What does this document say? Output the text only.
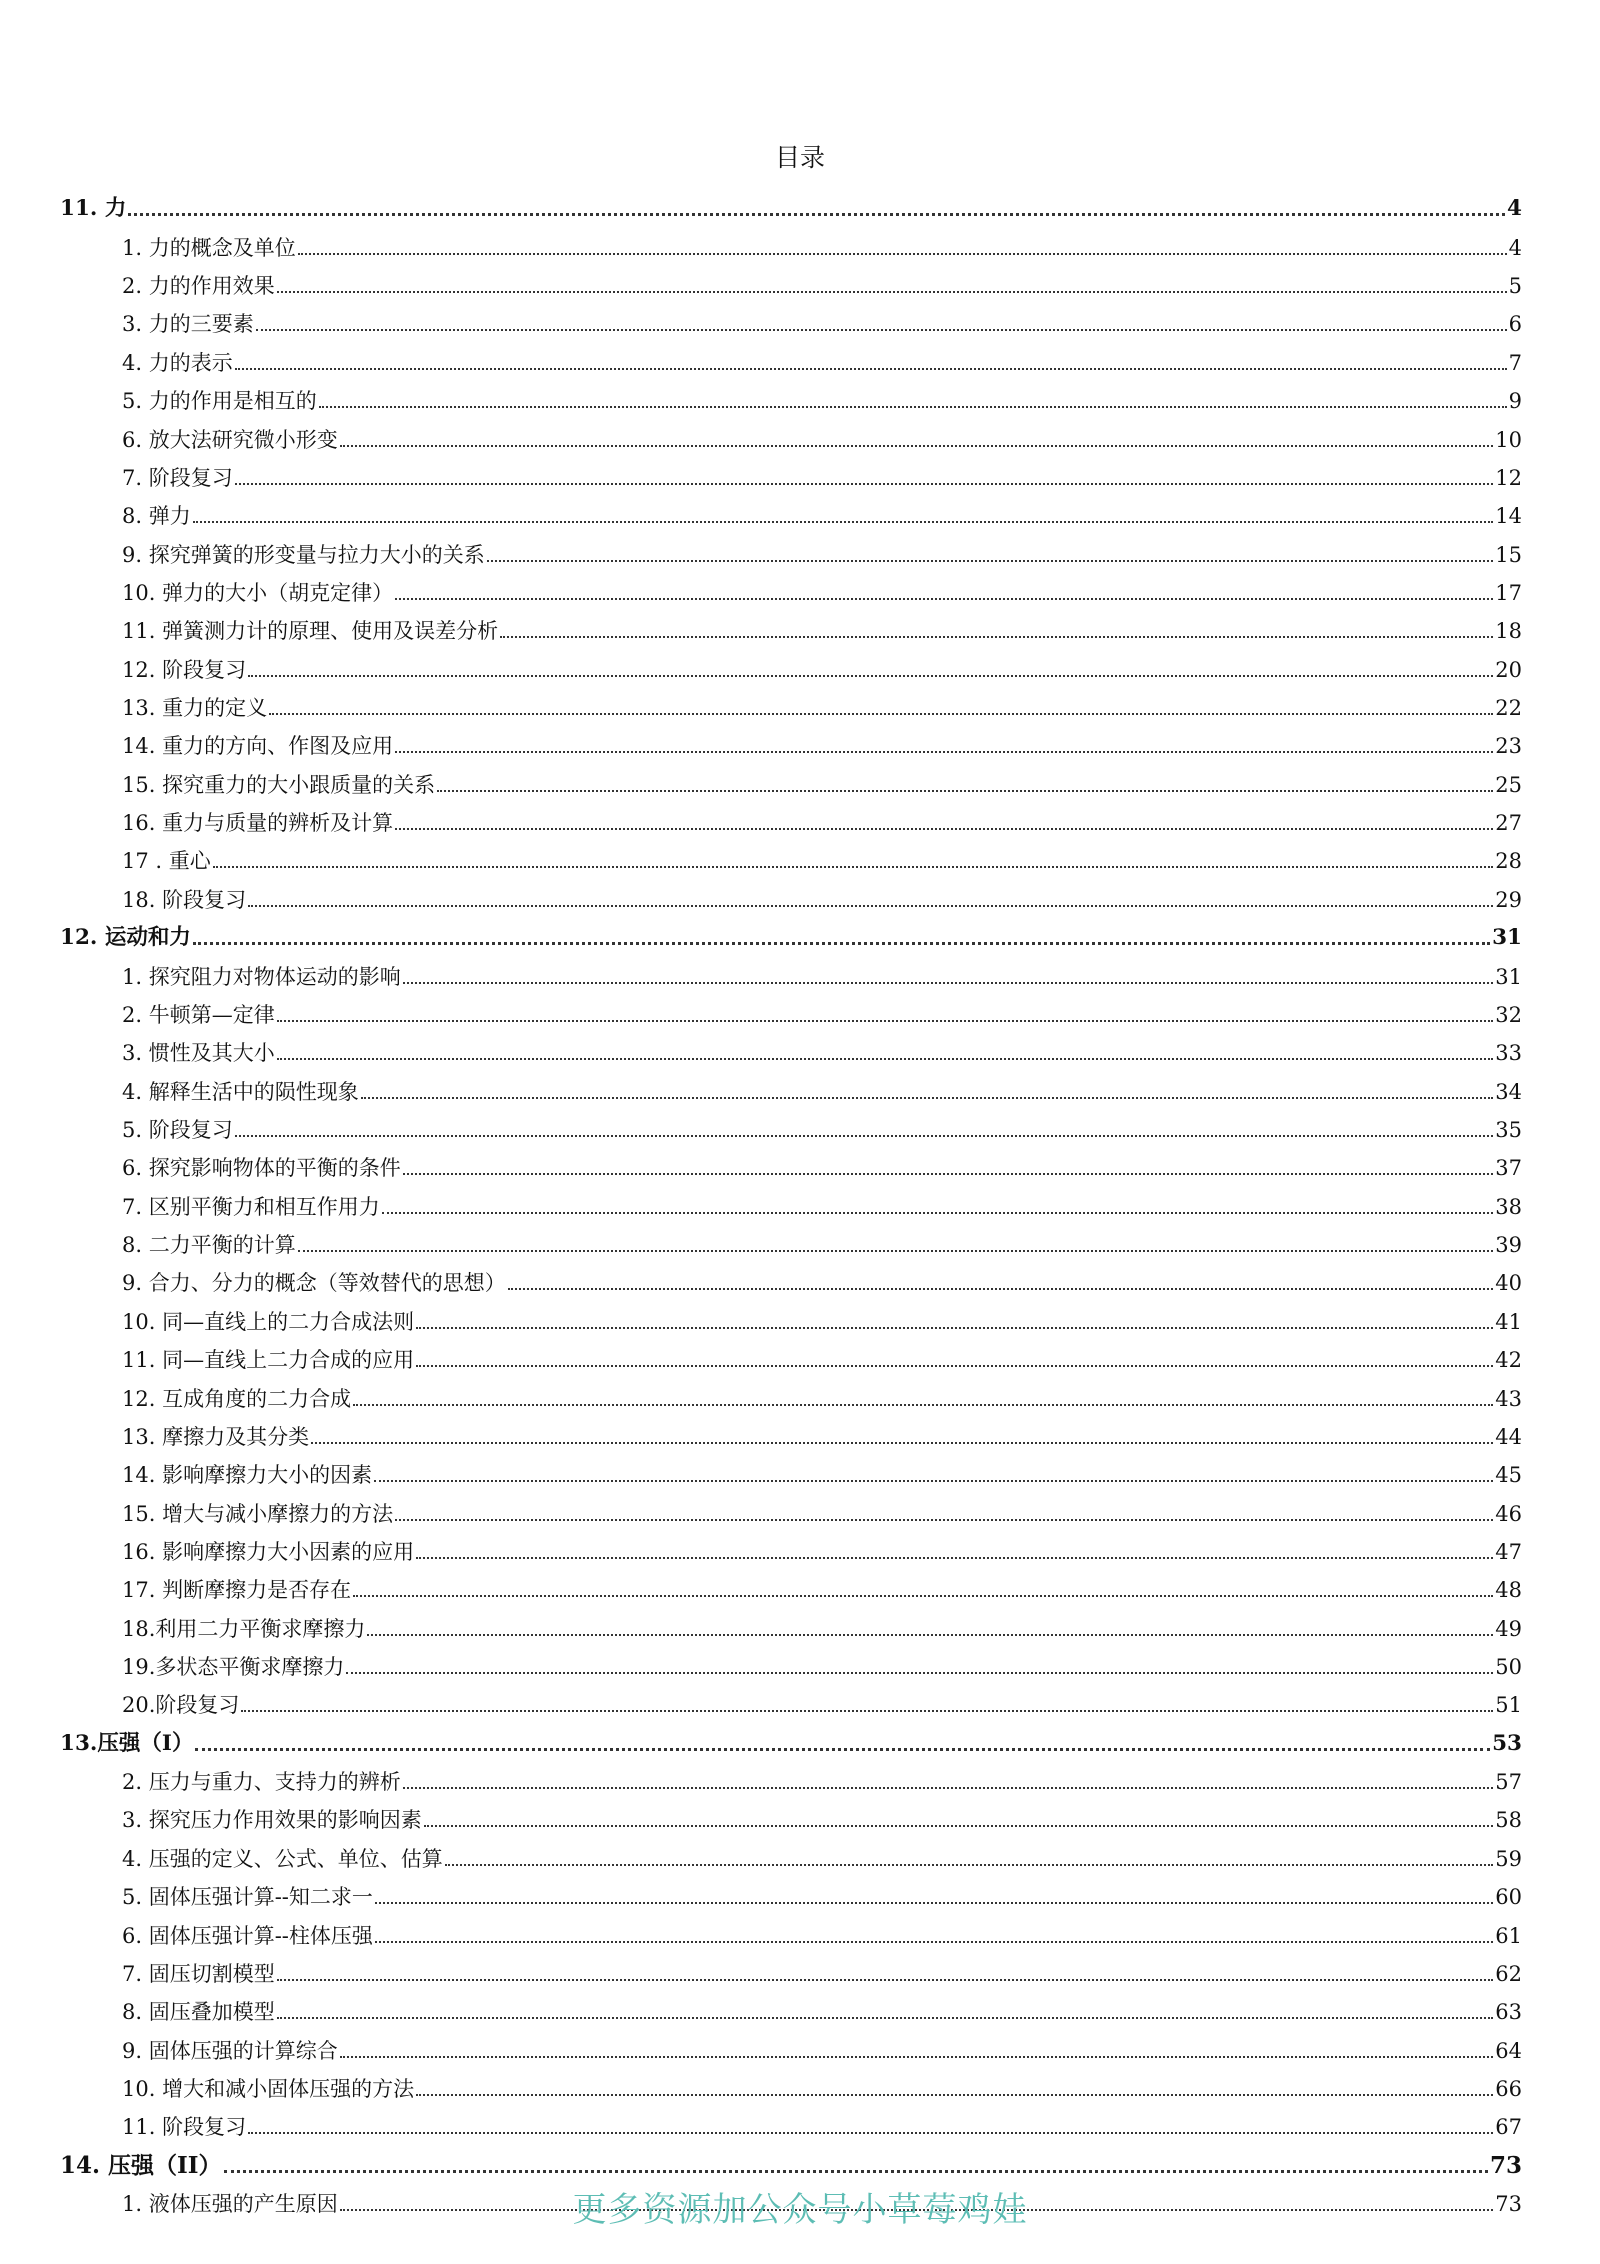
目录
11. 力	4
1. 力的概念及单位	4
2. 力的作用效果	5
3. 力的三要素	6
4. 力的表示	7
5. 力的作用是相互的	9
6. 放大法研究微小形变	10
7. 阶段复习	12
8. 弹力	14
9. 探究弹簧的形变量与拉力大小的关系	15
10. 弹力的大小（胡克定律）	17
11. 弹簧测力计的原理、使用及误差分析	18
12. 阶段复习	20
13. 重力的定义	22
14. 重力的方向、作图及应用	23
15. 探究重力的大小跟质量的关系	25
16. 重力与质量的辨析及计算	27
17 . 重心	28
18. 阶段复习	29
12. 运动和力	31
1. 探究阻力对物体运动的影响	31
2. 牛顿第—定律	32
3. 惯性及其大小	33
4. 解释生活中的陨性现象	34
5. 阶段复习	35
6. 探究影响物体的平衡的条件	37
7. 区别平衡力和相互作用力	38
8. 二力平衡的计算	39
9. 合力、分力的概念（等效替代的思想）	40
10. 同—直线上的二力合成法则	41
11. 同—直线上二力合成的应用	42
12. 互成角度的二力合成	43
13. 摩擦力及其分类	44
14. 影响摩擦力大小的因素	45
15. 增大与减小摩擦力的方法	46
16. 影响摩擦力大小因素的应用	47
17. 判断摩擦力是否存在	48
18.利用二力平衡求摩擦力	49
19.多状态平衡求摩擦力	50
20.阶段复习	51
13.压强（I）	53
2. 压力与重力、支持力的辨析	57
3. 探究压力作用效果的影响因素	58
4. 压强的定义、公式、单位、估算	59
5. 固体压强计算--知二求一	60
6. 固体压强计算--柱体压强	61
7. 固压切割模型	62
8. 固压叠加模型	63
9. 固体压强的计算综合	64
10. 增大和减小固体压强的方法	66
11. 阶段复习	67
14. 压强（II）	73
1. 液体压强的产生原因	73
更多资源加公众号小草莓鸡娃
